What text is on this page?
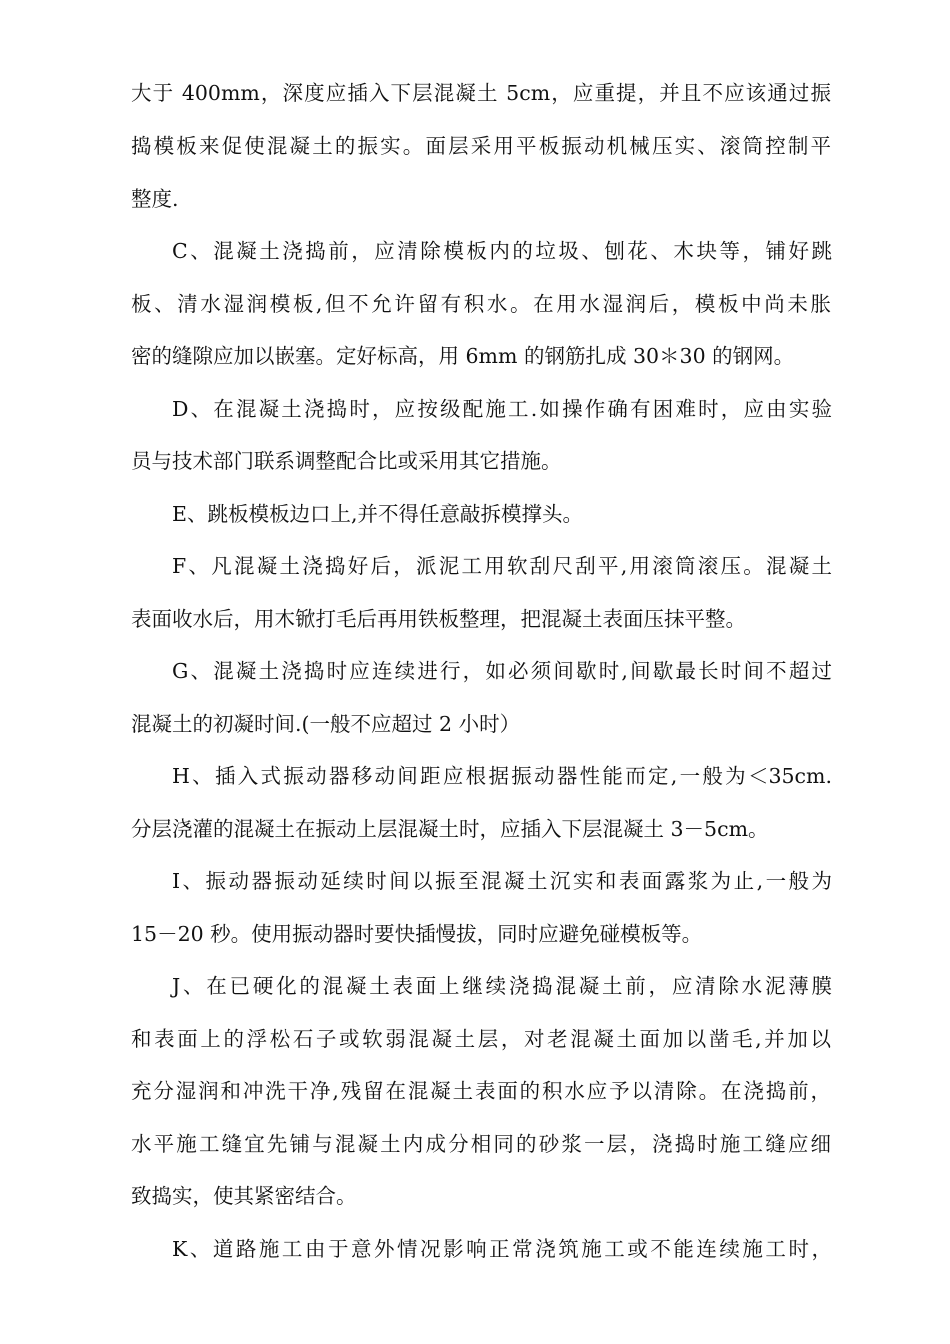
大于 400mm，深度应插入下层混凝土 5cm，应重提，并且不应该通过振
捣模板来促使混凝土的振实。面层采用平板振动机械压实、滚筒控制平
整度.
C、混凝土浇捣前，应清除模板内的垃圾、刨花、木块等，铺好跳
板、清水湿润模板,但不允许留有积水。在用水湿润后，模板中尚未胀
密的缝隙应加以嵌塞。定好标高，用 6mm 的钢筋扎成 30＊30 的钢网。
D、在混凝土浇捣时，应按级配施工.如操作确有困难时，应由实验
员与技术部门联系调整配合比或采用其它措施。
E、跳板模板边口上,并不得任意敲拆模撑头。
F、凡混凝土浇捣好后，派泥工用软刮尺刮平,用滚筒滚压。混凝土
表面收水后，用木锨打毛后再用铁板整理，把混凝土表面压抹平整。
G、混凝土浇捣时应连续进行，如必须间歇时,间歇最长时间不超过
混凝土的初凝时间.(一般不应超过 2 小时）
H、插入式振动器移动间距应根据振动器性能而定,一般为＜35cm.
分层浇灌的混凝土在振动上层混凝土时，应插入下层混凝土 3－5cm。
I、振动器振动延续时间以振至混凝土沉实和表面露浆为止,一般为
15－20 秒。使用振动器时要快插慢拔，同时应避免碰模板等。
J、在已硬化的混凝土表面上继续浇捣混凝土前，应清除水泥薄膜
和表面上的浮松石子或软弱混凝土层，对老混凝土面加以凿毛,并加以
充分湿润和冲洗干净,残留在混凝土表面的积水应予以清除。在浇捣前，
水平施工缝宜先铺与混凝土内成分相同的砂浆一层，浇捣时施工缝应细
致捣实，使其紧密结合。
K、道路施工由于意外情况影响正常浇筑施工或不能连续施工时，
